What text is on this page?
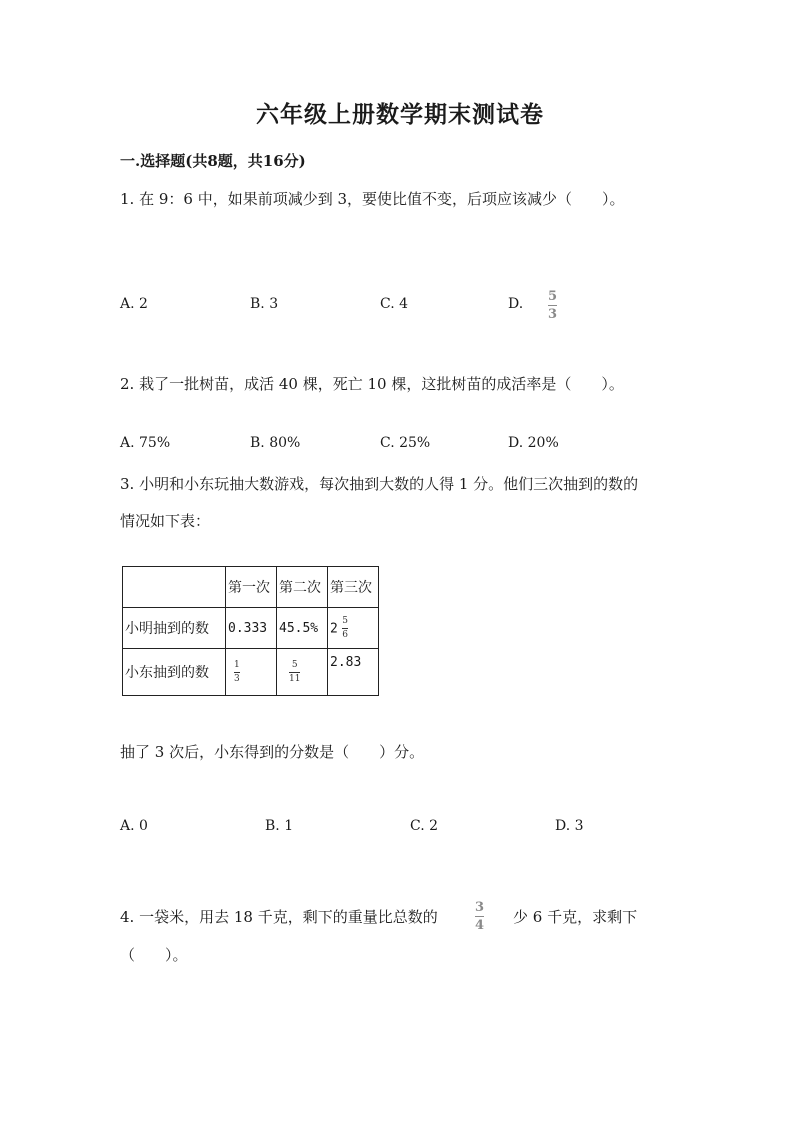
六年级上册数学期末测试卷
一.选择题(共8题，共16分)
1. 在 9：6 中，如果前项减少到 3，要使比值不变，后项应该减少（　　）。
A. 2	B. 3	C. 4	D. 5
3
2. 栽了一批树苗，成活 40 棵，死亡 10 棵，这批树苗的成活率是（　　）。
A. 75%	B. 80%	C. 25%	D. 20%
3. 小明和小东玩抽大数游戏，每次抽到大数的人得 1 分。他们三次抽到的数的
情况如下表：
	第一次	第二次	第三次
小明抽到的数	0.333	45.5%	$2 \frac{5}{6}$

小东抽到的数	$\frac{1}{3}$	$\frac{5}{11}$	2.83
抽了 3 次后，小东得到的分数是（　　）分。
A. 0	B. 1	C. 2	D. 3
4. 一袋米，用去 18 千克，剩下的重量比总数的
3
4 少 6 千克，求剩下
（　　）。
